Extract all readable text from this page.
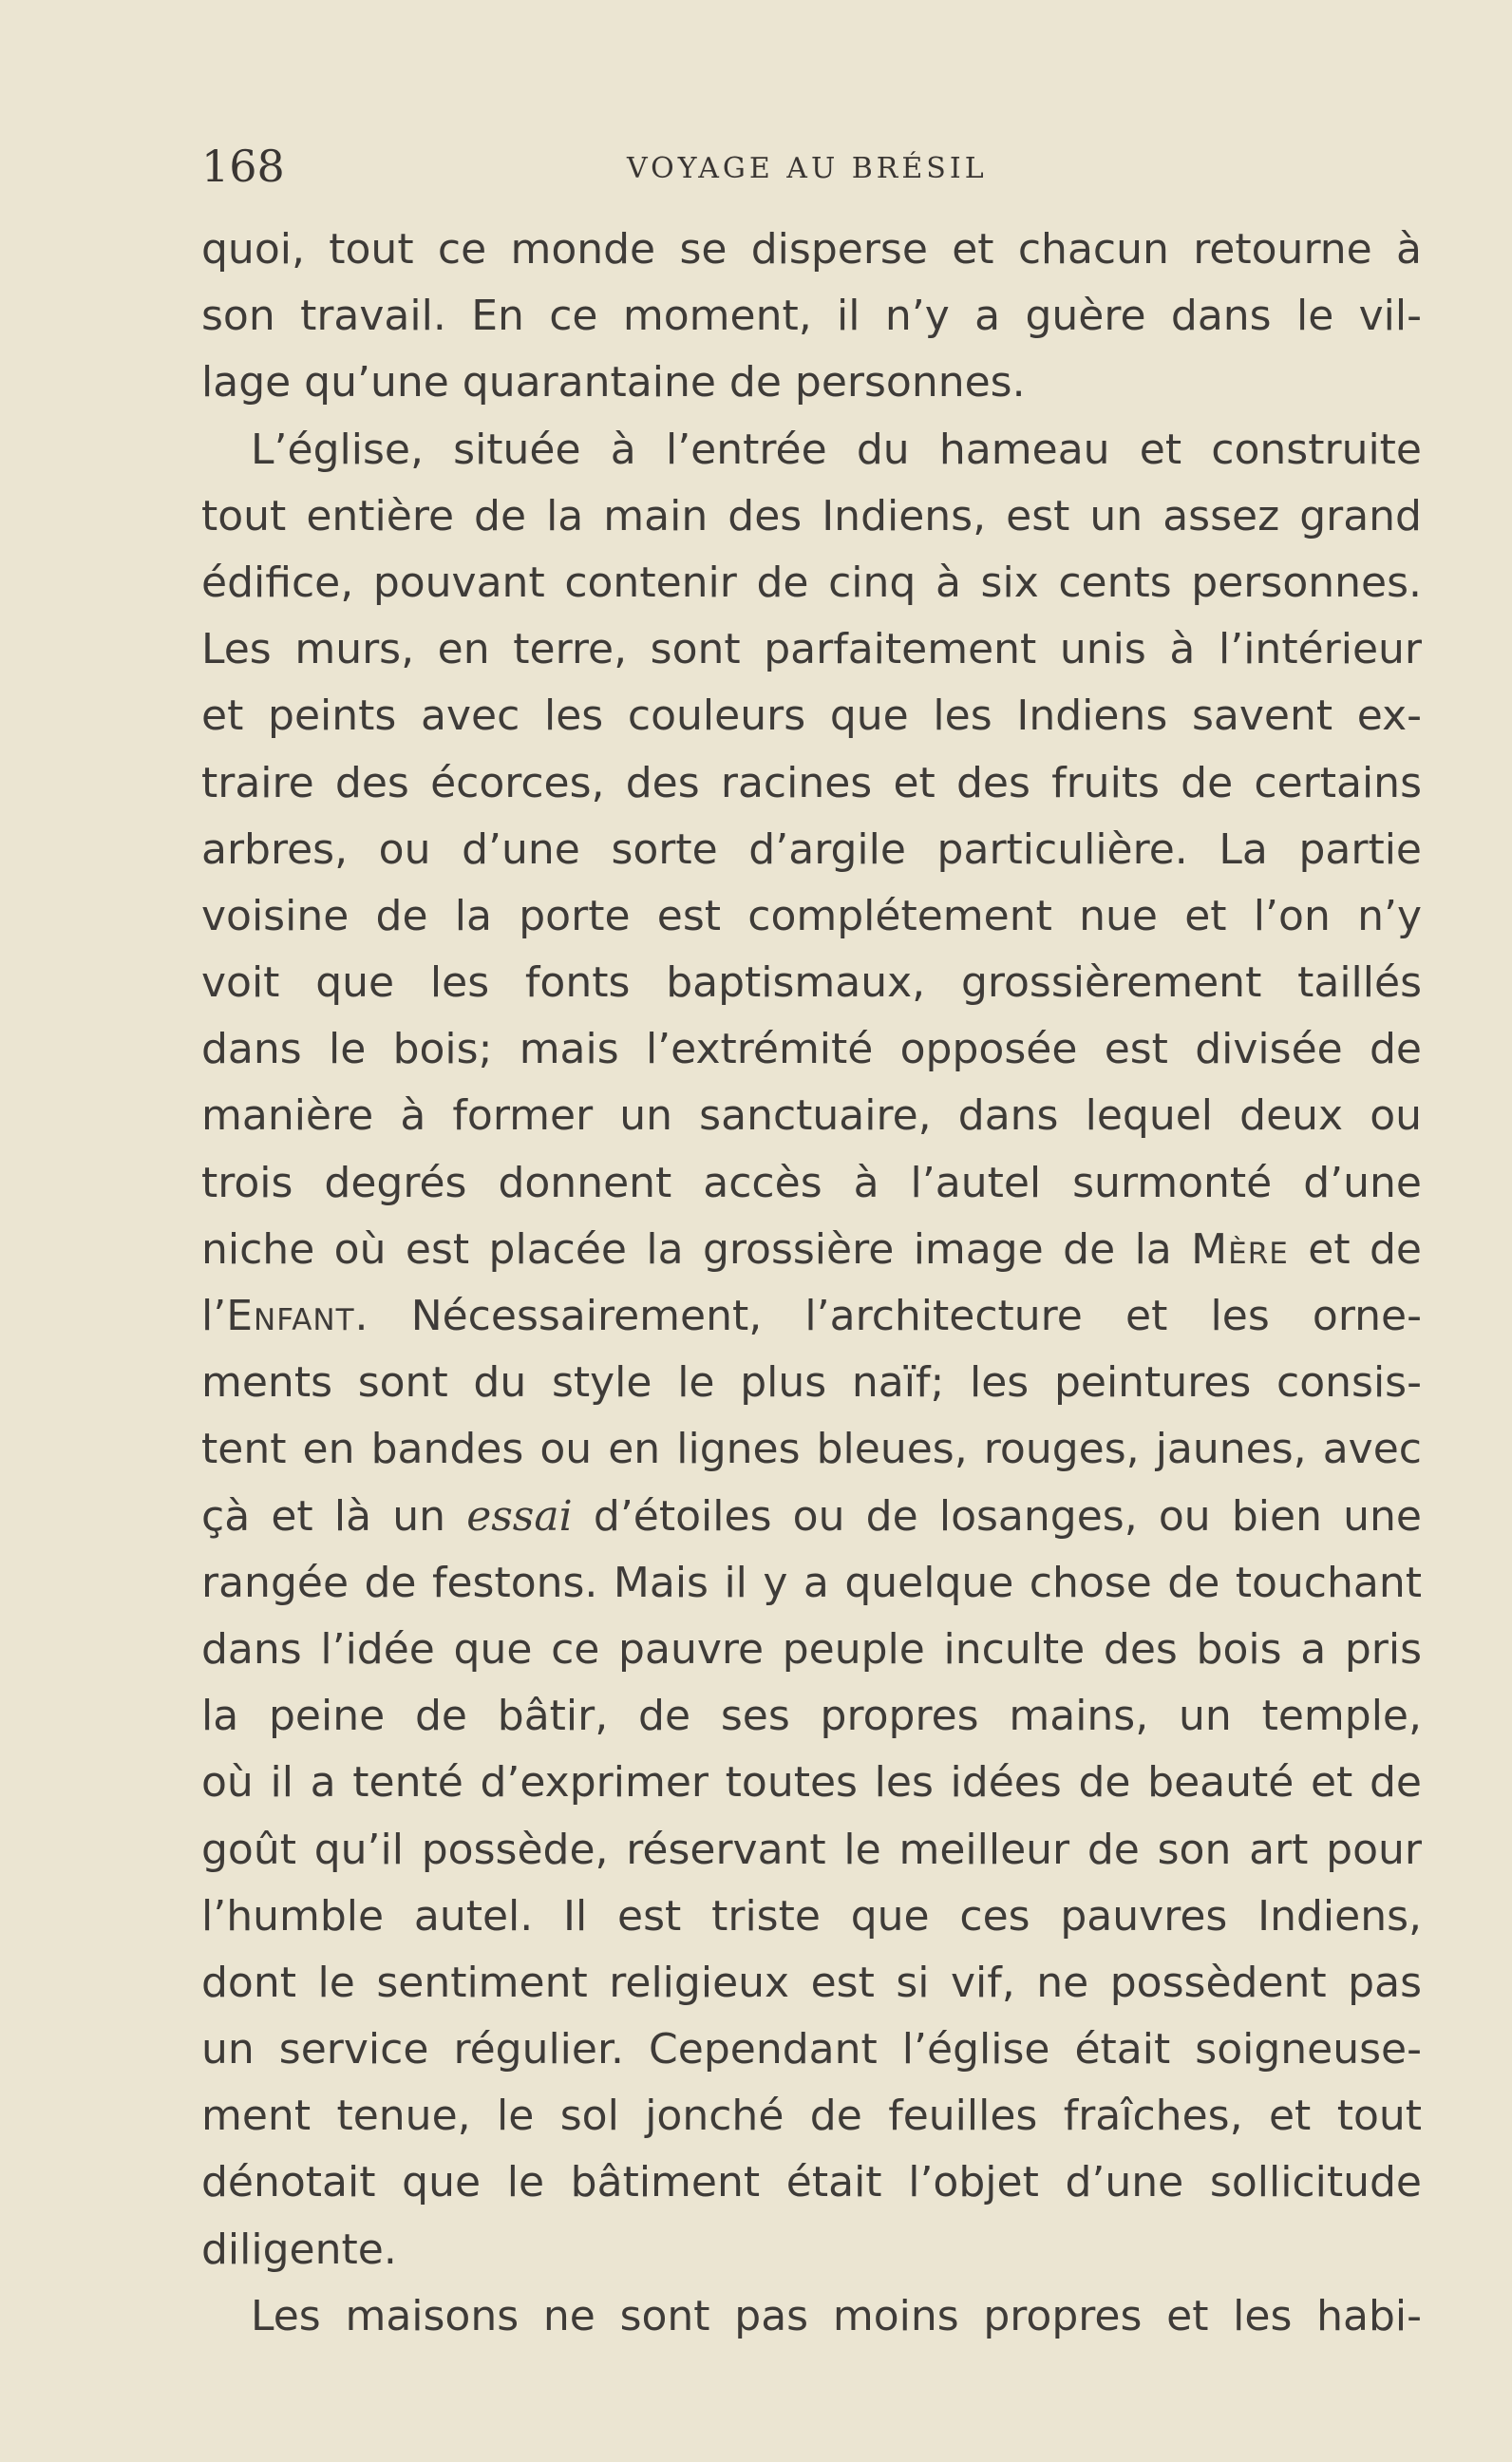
168	VOYAGE AU BRÉSIL
quoi, tout ce monde se disperse et chacun retourne à
son travail. En ce moment, il n’y a guère dans le vil-
lage qu’une quarantaine de personnes.
L’église, située à l’entrée du hameau et construite
tout entière de la main des Indiens, est un assez grand
édifice, pouvant contenir de cinq à six cents personnes.
Les murs, en terre, sont parfaitement unis à l’intérieur
et peints avec les couleurs que les Indiens savent ex-
traire des écorces, des racines et des fruits de certains
arbres, ou d’une sorte d’argile particulière. La partie
voisine de la porte est complétement nue et l’on n’y
voit que les fonts baptismaux, grossièrement taillés
dans le bois; mais l’extrémité opposée est divisée de
manière à former un sanctuaire, dans lequel deux ou
trois degrés donnent accès à l’autel surmonté d’une
niche où est placée la grossière image de la Mère et de
l’Enfant. Nécessairement, l’architecture et les orne-
ments sont du style le plus naïf; les peintures consis-
tent en bandes ou en lignes bleues, rouges, jaunes, avec
çà et là un essai d’étoiles ou de losanges, ou bien une
rangée de festons. Mais il y a quelque chose de touchant
dans l’idée que ce pauvre peuple inculte des bois a pris
la peine de bâtir, de ses propres mains, un temple,
où il a tenté d’exprimer toutes les idées de beauté et de
goût qu’il possède, réservant le meilleur de son art pour
l’humble autel. Il est triste que ces pauvres Indiens,
dont le sentiment religieux est si vif, ne possèdent pas
un service régulier. Cependant l’église était soigneuse-
ment tenue, le sol jonché de feuilles fraîches, et tout
dénotait que le bâtiment était l’objet d’une sollicitude
diligente.
Les maisons ne sont pas moins propres et les habi-
